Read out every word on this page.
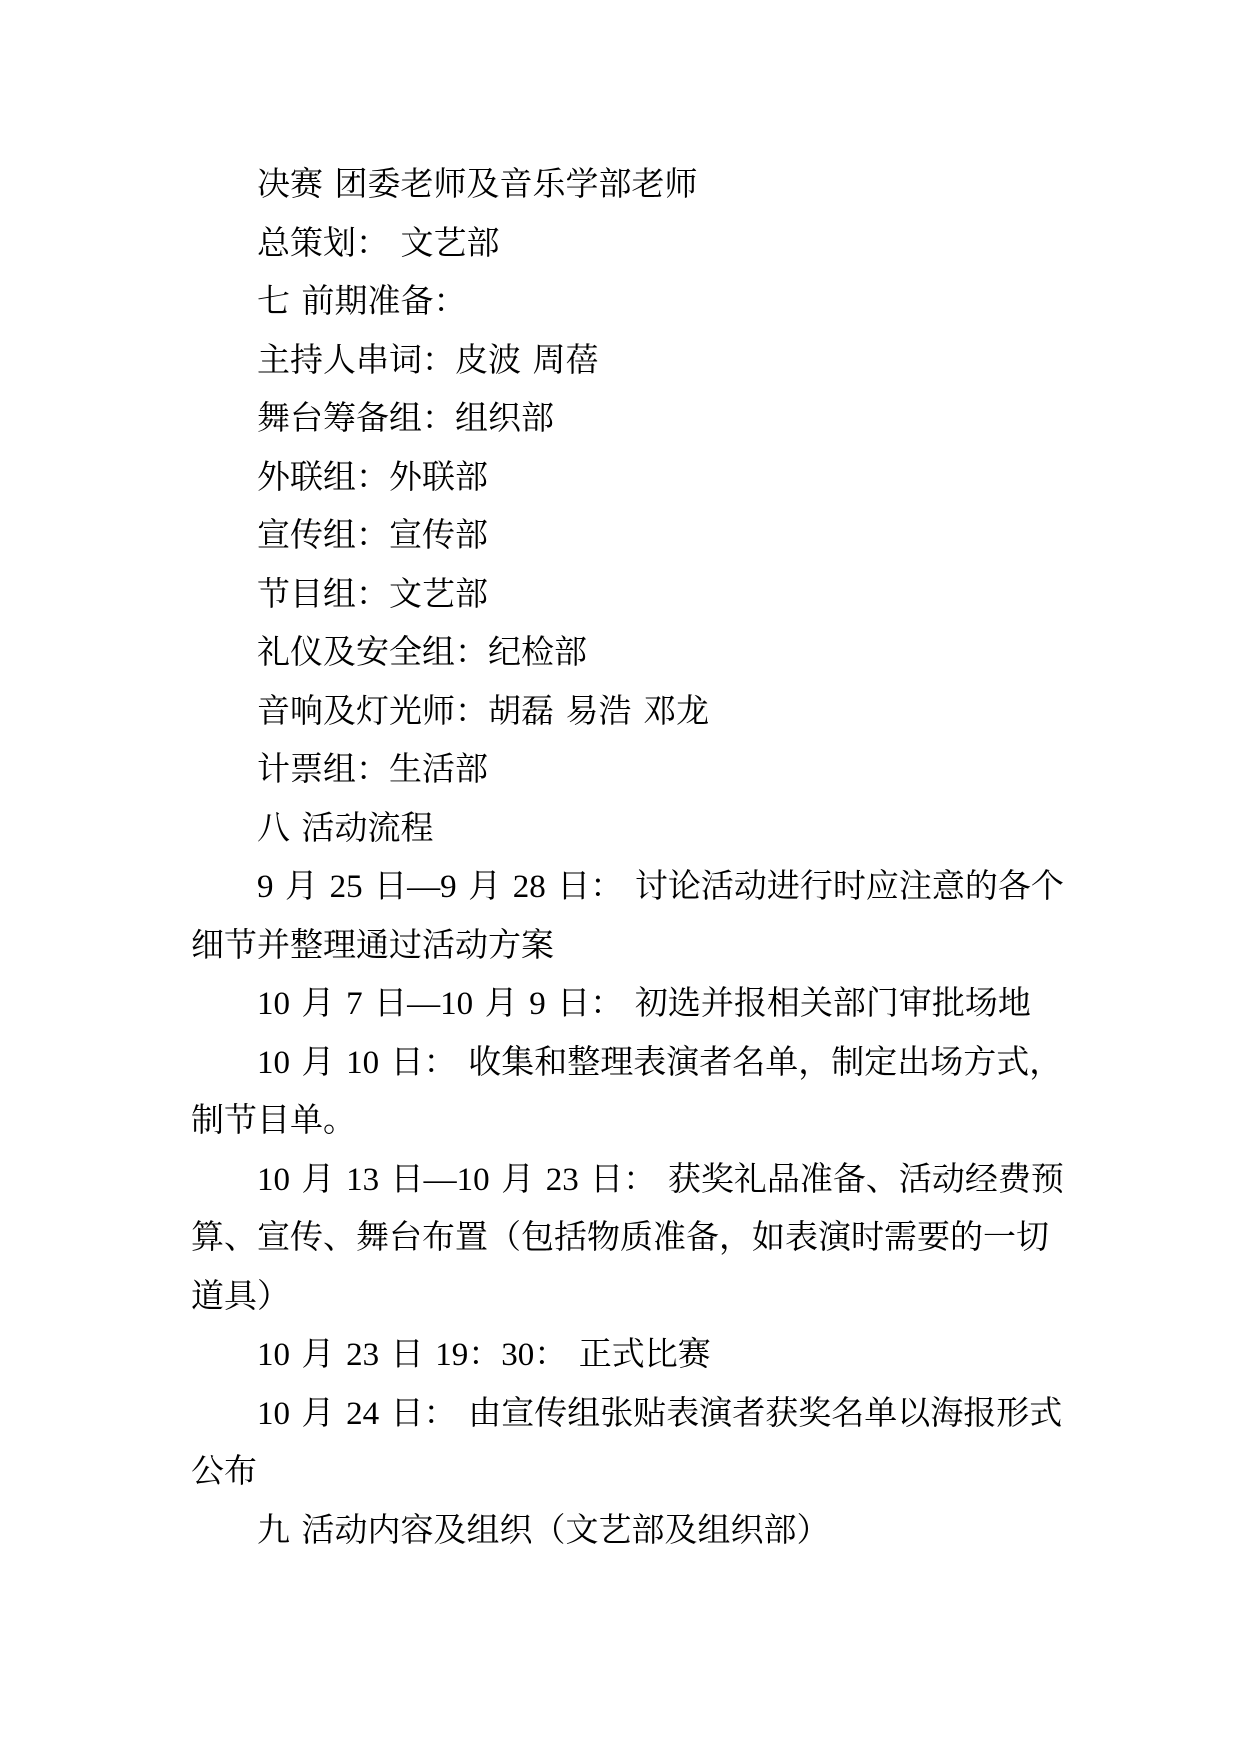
决赛 团委老师及音乐学部老师

总策划： 文艺部

七 前期准备：

主持人串词：皮波 周蓓

舞台筹备组：组织部

外联组：外联部

宣传组：宣传部

节目组：文艺部

礼仪及安全组：纪检部

音响及灯光师：胡磊 易浩 邓龙

计票组：生活部

八 活动流程

9 月 25 日—9 月 28 日： 讨论活动进行时应注意的各个
细节并整理通过活动方案

10 月 7 日—10 月 9 日： 初选并报相关部门审批场地

10 月 10 日： 收集和整理表演者名单，制定出场方式，
制节目单。

10 月 13 日—10 月 23 日： 获奖礼品准备、活动经费预
算、宣传、舞台布置（包括物质准备，如表演时需要的一切
道具）

10 月 23 日 19：30： 正式比赛

10 月 24 日： 由宣传组张贴表演者获奖名单以海报形式
公布

九 活动内容及组织（文艺部及组织部）
